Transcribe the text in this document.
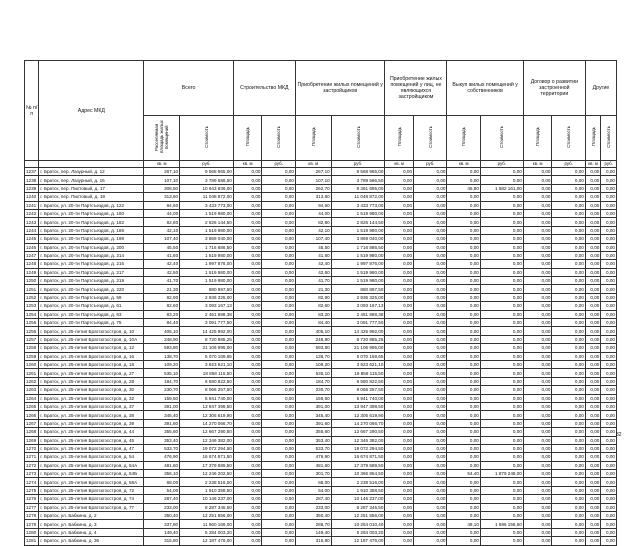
№ п/п	Адрес МКД	Всего		Строительство МКД		Приобретение жилых помещений у застройщиков		Приобретение жилых помещений у лиц, не являющихся застройщиком		Выкуп жилых помещений у собственников		Договор о развитии застроенной территории		Другие	
		Расселяемая площадь жилых помещений	Стоимость	Площадь	Стоимость	Площадь	Стоимость	Площадь	Стоимость	Площадь	Стоимость	Площадь	Стоимость	Площадь	Стоимость
		кв. м	руб.	кв. м	руб.	кв. м	руб.	кв. м	руб.	кв. м	руб.	кв. м	руб.	кв. м	руб.
1237	г. Братск, пер. Лазурный, д. 12	267,10	9 568 965,00	0,00	0,00	267,10	9 568 965,00	0,00	0,00	0,00	0,00	0,00	0,00	0,00	0,00
1238	г. Братск, пер. Лазурный, д. 15	107,10	3 789 586,50	0,00	0,00	107,10	3 789 586,50	0,00	0,00	0,00	0,00	0,00	0,00	0,00	0,00
1239	г. Братск, пер. Пихтовый, д. 17	308,50	10 943 836,00	0,00	0,00	262,70	9 361 695,00	0,00	0,00	45,80	1 582 161,00	0,00	0,00	0,00	0,00
1240	г. Братск, пер. Пихтовый, д. 19	313,60	11 048 872,00	0,00	0,00	313,60	11 048 872,00	0,00	0,00	0,00	0,00	0,00	0,00	0,00	0,00
1241	г. Братск, ул. 20-ти Партсъездов, д. 122	94,60	3 433 773,00	0,00	0,00	94,60	3 433 773,00	0,00	0,00	0,00	0,00	0,00	0,00	0,00	0,00
1242	г. Братск, ул. 20-ти Партсъездов, д. 180	44,00	1 519 980,00	0,00	0,00	44,00	1 519 980,00	0,00	0,00	0,00	0,00	0,00	0,00	0,00	0,00
1243	г. Братск, ул. 20-ти Партсъездов, д. 182	82,80	2 826 144,50	0,00	0,00	82,80	2 826 144,50	0,00	0,00	0,00	0,00	0,00	0,00	0,00	0,00
1244	г. Братск, ул. 20-ти Партсъездов, д. 186	42,10	1 519 980,00	0,00	0,00	42,10	1 519 980,00	0,00	0,00	0,00	0,00	0,00	0,00	0,00	0,00
1245	г. Братск, ул. 20-ти Партсъездов, д. 198	107,40	3 869 040,00	0,00	0,00	107,40	3 869 040,00	0,00	0,00	0,00	0,00	0,00	0,00	0,00	0,00
1246	г. Братск, ул. 20-ти Партсъездов, д. 200	45,50	1 716 886,50	0,00	0,00	45,50	1 716 886,50	0,00	0,00	0,00	0,00	0,00	0,00	0,00	0,00
1247	г. Братск, ул. 20-ти Партсъездов, д. 214	41,60	1 519 980,00	0,00	0,00	41,60	1 519 980,00	0,00	0,00	0,00	0,00	0,00	0,00	0,00	0,00
1248	г. Братск, ул. 20-ти Партсъездов, д. 216	42,40	1 997 876,00	0,00	0,00	42,40	1 997 876,00	0,00	0,00	0,00	0,00	0,00	0,00	0,00	0,00
1249	г. Братск, ул. 20-ти Партсъездов, д. 217	42,50	1 519 980,00	0,00	0,00	42,50	1 519 980,00	0,00	0,00	0,00	0,00	0,00	0,00	0,00	0,00
1250	г. Братск, ул. 20-ти Партсъездов, д. 219	41,70	1 519 980,00	0,00	0,00	41,70	1 519 980,00	0,00	0,00	0,00	0,00	0,00	0,00	0,00	0,00
1251	г. Братск, ул. 20-ти Партсъездов, д. 220	21,30	880 897,50	0,00	0,00	21,30	880 897,50	0,00	0,00	0,00	0,00	0,00	0,00	0,00	0,00
1252	г. Братск, ул. 20-ти Партсъездов, д. 59	82,90	2 936 325,00	0,00	0,00	82,90	2 936 325,00	0,00	0,00	0,00	0,00	0,00	0,00	0,00	0,00
1253	г. Братск, ул. 20-ти Партсъездов, д. 61	82,60	3 093 167,13	0,00	0,00	82,60	3 093 167,13	0,00	0,00	0,00	0,00	0,00	0,00	0,00	0,00
1254	г. Братск, ул. 20-ти Партсъездов, д. 63	83,20	2 451 888,38	0,00	0,00	83,20	2 451 888,38	0,00	0,00	0,00	0,00	0,00	0,00	0,00	0,00
1255	г. Братск, ул. 20-ти Партсъездов, д. 75	84,40	3 091 777,50	0,00	0,00	84,40	3 091 777,50	0,00	0,00	0,00	0,00	0,00	0,00	0,00	0,00
1256	г. Братск, ул. 25-летия Братскгэсстроя, д. 10	405,10	14 425 992,00	0,00	0,00	405,10	14 425 992,00	0,00	0,00	0,00	0,00	0,00	0,00	0,00	0,00
1257	г. Братск, ул. 25-летия Братскгэсстроя, д. 10А	248,90	8 720 885,25	0,00	0,00	248,90	8 720 885,25	0,00	0,00	0,00	0,00	0,00	0,00	0,00	0,00
1258	г. Братск, ул. 25-летия Братскгэсстроя, д. 12	593,80	21 106 995,00	0,00	0,00	593,80	21 106 995,00	0,00	0,00	0,00	0,00	0,00	0,00	0,00	0,00
1259	г. Братск, ул. 25-летия Братскгэсстроя, д. 16	138,70	5 070 169,65	0,00	0,00	138,70	5 070 169,65	0,00	0,00	0,00	0,00	0,00	0,00	0,00	0,00
1260	г. Братск, ул. 25-летия Братскгэсстроя, д. 18	109,20	3 923 621,10	0,00	0,00	109,20	3 923 621,10	0,00	0,00	0,00	0,00	0,00	0,00	0,00	0,00
1261	г. Братск, ул. 25-летия Братскгэсстроя, д. 27	535,10	18 858 115,50	0,00	0,00	535,10	18 858 115,50	0,00	0,00	0,00	0,00	0,00	0,00	0,00	0,00
1262	г. Братск, ул. 25-летия Братскгэсстроя, д. 28	184,70	6 580 822,50	0,00	0,00	184,70	6 580 822,50	0,00	0,00	0,00	0,00	0,00	0,00	0,00	0,00
1263	г. Братск, ул. 25-летия Братскгэсстроя, д. 30	230,70	8 066 257,50	0,00	0,00	230,70	8 066 257,50	0,00	0,00	0,00	0,00	0,00	0,00	0,00	0,00
1264	г. Братск, ул. 25-летия Братскгэсстроя, д. 32	159,50	5 941 740,00	0,00	0,00	159,50	5 941 740,00	0,00	0,00	0,00	0,00	0,00	0,00	0,00	0,00
1265	г. Братск, ул. 25-летия Братскгэсстроя, д. 37	391,00	13 947 398,50	0,00	0,00	391,00	13 947 398,50	0,00	0,00	0,00	0,00	0,00	0,00	0,00	0,00
1266	г. Братск, ул. 25-летия Братскгэсстроя, д. 38	345,40	12 305 619,90	0,00	0,00	345,40	12 305 619,90	0,00	0,00	0,00	0,00	0,00	0,00	0,00	0,00
1267	г. Братск, ул. 25-летия Братскгэсстроя, д. 39	391,60	14 270 066,70	0,00	0,00	391,60	14 270 066,70	0,00	0,00	0,00	0,00	0,00	0,00	0,00	0,00
1268	г. Братск, ул. 25-летия Братскгэсстроя, д. 44	355,60	12 667 290,50	0,00	0,00	355,60	12 667 290,50	0,00	0,00	0,00	0,00	0,00	0,00	0,00	0,00
1269	г. Братск, ул. 25-летия Братскгэсстроя, д. 45	353,40	12 346 382,00	0,00	0,00	353,40	12 346 382,00	0,00	0,00	0,00	0,00	0,00	0,00	0,00	0,00
1270	г. Братск, ул. 25-летия Братскгэсстроя, д. 47	533,70	19 072 294,50	0,00	0,00	533,70	19 072 294,50	0,00	0,00	0,00	0,00	0,00	0,00	0,00	0,00
1271	г. Братск, ул. 25-летия Братскгэсстроя, д. 54	476,90	16 674 871,50	0,00	0,00	476,90	16 674 871,50	0,00	0,00	0,00	0,00	0,00	0,00	0,00	0,00
1272	г. Братск, ул. 25-летия Братскгэсстроя, д. 54А	481,60	17 379 589,50	0,00	0,00	481,60	17 379 589,50	0,00	0,00	0,00	0,00	0,00	0,00	0,00	0,00
1273	г. Братск, ул. 25-летия Братскгэсстроя, д. 54Б	356,10	12 246 202,50	0,00	0,00	301,70	10 366 954,50	0,00	0,00	54,40	1 879 248,00	0,00	0,00	0,00	0,00
1274	г. Братск, ул. 25-летия Братскгэсстроя, д. 58А	68,00	2 238 516,00	0,00	0,00	68,00	2 238 516,00	0,00	0,00	0,00	0,00	0,00	0,00	0,00	0,00
1275	г. Братск, ул. 25-летия Братскгэсстроя, д. 72	54,00	1 910 358,50	0,00	0,00	54,00	1 910 358,50	0,00	0,00	0,00	0,00	0,00	0,00	0,00	0,00
1276	г. Братск, ул. 25-летия Братскгэсстроя, д. 74	287,40	10 146 237,00	0,00	0,00	287,40	10 146 237,00	0,00	0,00	0,00	0,00	0,00	0,00	0,00	0,00
1277	г. Братск, ул. 25-летия Братскгэсстроя, д. 77	233,00	8 287 345,50	0,00	0,00	233,00	8 287 345,50	0,00	0,00	0,00	0,00	0,00	0,00	0,00	0,00
1278	г. Братск, ул. Бабкина, д. 2	350,40	12 251 856,00	0,00	0,00	350,40	12 251 856,00	0,00	0,00	0,00	0,00	0,00	0,00	0,00	0,00
1279	г. Братск, ул. Бабкина, д. 3	337,80	11 960 169,00	0,00	0,00	288,70	10 264 010,40	0,00	0,00	49,10	1 696 158,50	0,00	0,00	0,00	0,00
1280	г. Братск, ул. Бабкина, д. 4	149,40	5 284 003,20	0,00	0,00	149,40	5 284 003,20	0,00	0,00	0,00	0,00	0,00	0,00	0,00	0,00
1281	г. Братск, ул. Бабкина, д. 36	315,80	12 187 476,00	0,00	0,00	315,80	12 187 476,00	0,00	0,00	0,00	0,00	0,00	0,00	0,00	0,00
32
